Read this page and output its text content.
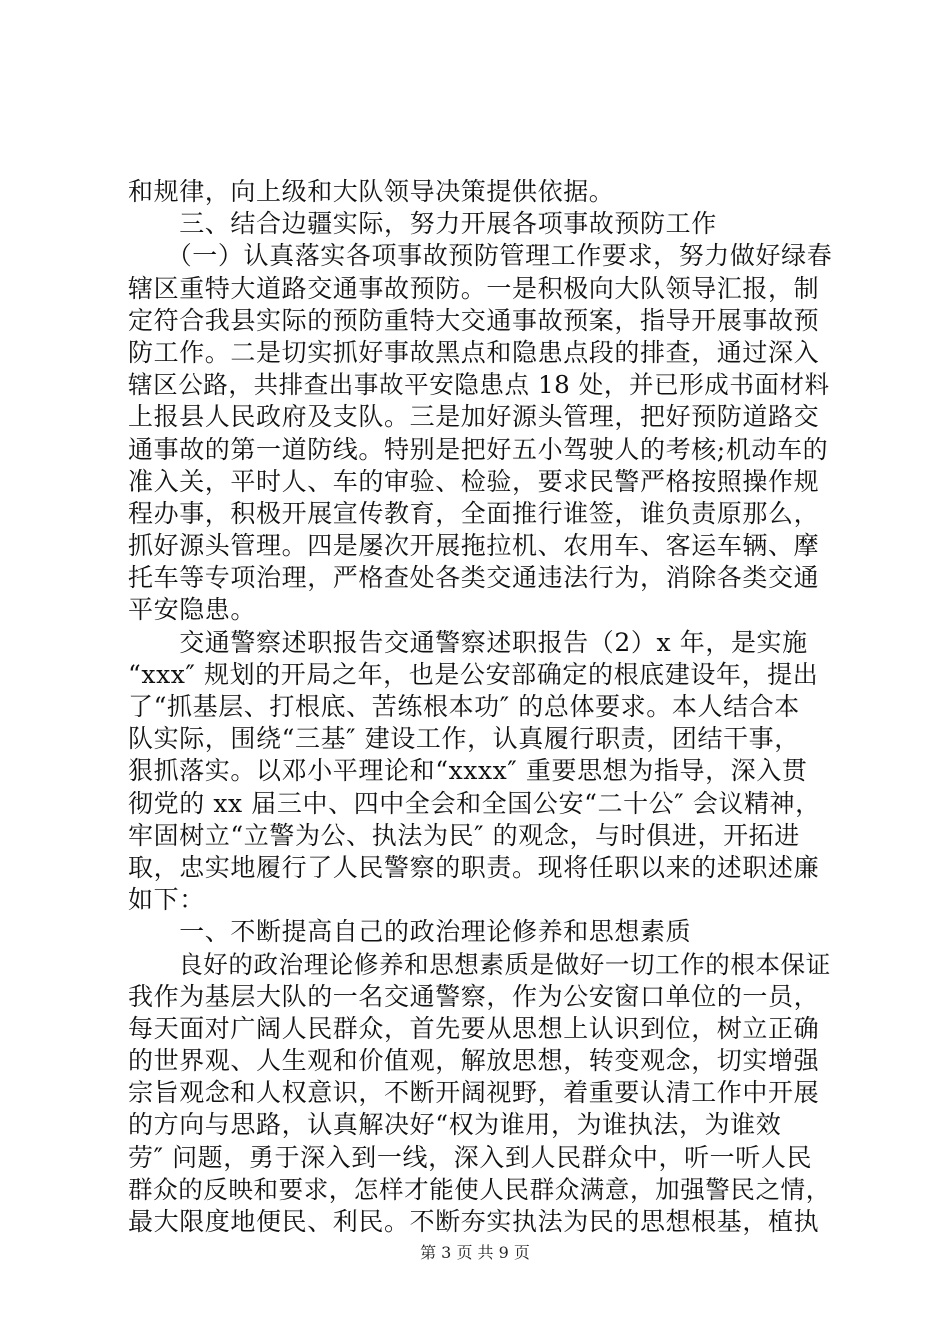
和规律，向上级和大队领导决策提供依据。
　　三、结合边疆实际，努力开展各项事故预防工作
　　（一）认真落实各项事故预防管理工作要求，努力做好绿春
辖区重特大道路交通事故预防。一是积极向大队领导汇报，制
定符合我县实际的预防重特大交通事故预案，指导开展事故预
防工作。二是切实抓好事故黑点和隐患点段的排查，通过深入
辖区公路，共排查出事故平安隐患点 18 处，并已形成书面材料
上报县人民政府及支队。三是加好源头管理，把好预防道路交
通事故的第一道防线。特别是把好五小驾驶人的考核;机动车的
准入关，平时人、车的审验、检验，要求民警严格按照操作规
程办事，积极开展宣传教育，全面推行谁签，谁负责原那么，
抓好源头管理。四是屡次开展拖拉机、农用车、客运车辆、摩
托车等专项治理，严格查处各类交通违法行为，消除各类交通
平安隐患。
　　交通警察述职报告交通警察述职报告（2）x 年，是实施
“xxx″ 规划的开局之年，也是公安部确定的根底建设年，提出
了“抓基层、打根底、苦练根本功″ 的总体要求。本人结合本
队实际，围绕“三基″ 建设工作，认真履行职责，团结干事，
狠抓落实。以邓小平理论和“xxxx″ 重要思想为指导，深入贯
彻党的 xx 届三中、四中全会和全国公安“二十公″ 会议精神，
牢固树立“立警为公、执法为民″ 的观念，与时俱进，开拓进
取，忠实地履行了人民警察的职责。现将任职以来的述职述廉
如下：
　　一、不断提高自己的政治理论修养和思想素质
　　良好的政治理论修养和思想素质是做好一切工作的根本保证
我作为基层大队的一名交通警察，作为公安窗口单位的一员，
每天面对广阔人民群众，首先要从思想上认识到位，树立正确
的世界观、人生观和价值观，解放思想，转变观念，切实增强
宗旨观念和人权意识，不断开阔视野，着重要认清工作中开展
的方向与思路，认真解决好“权为谁用，为谁执法，为谁效
劳″ 问题，勇于深入到一线，深入到人民群众中，听一听人民
群众的反映和要求，怎样才能使人民群众满意，加强警民之情，
最大限度地便民、利民。不断夯实执法为民的思想根基，植执
第 3 页 共 9 页
